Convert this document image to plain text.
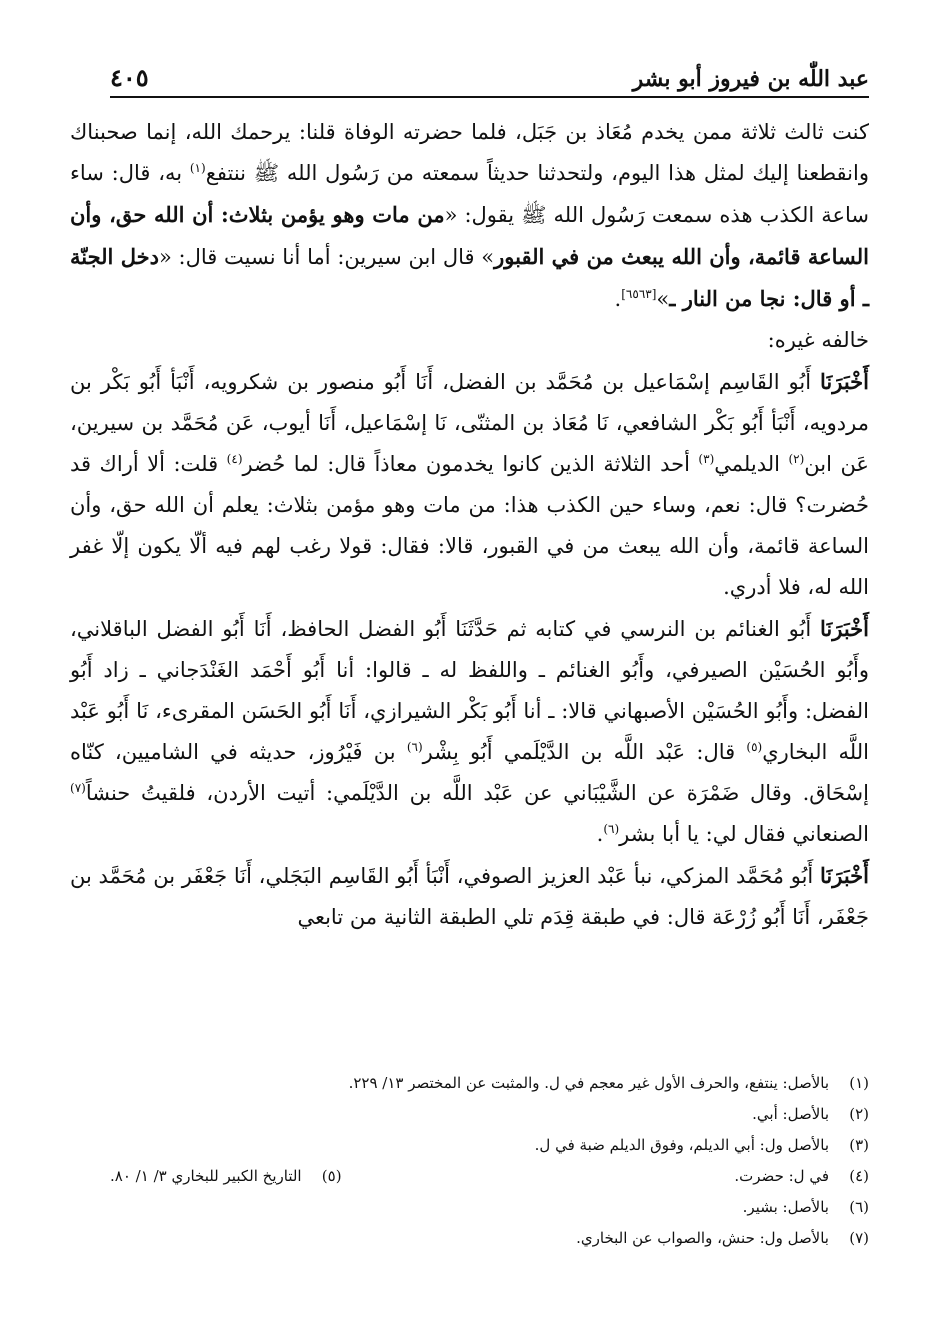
عبد اللّٰه بن فيروز أبو بشر
٤٠٥

كنت ثالث ثلاثة ممن يخدم مُعَاذ بن جَبَل، فلما حضرته الوفاة قلنا: يرحمك الله، إنما صحبناك وانقطعنا إليك لمثل هذا اليوم، ولتحدثنا حديثاً سمعته من رَسُول الله ﷺ ننتفع$^{(١)}$ به، قال: ساء ساعة الكذب هذه سمعت رَسُول الله ﷺ يقول: «من مات وهو يؤمن بثلاث: أن الله حق، وأن الساعة قائمة، وأن الله يبعث من في القبور» قال ابن سيرين: أما أنا نسيت قال: «دخل الجنّة ـ أو قال: نجا من النار ـ»[٦٥٦٣].

خالفه غيره:

أَخْبَرَنَا أَبُو القَاسِم إسْمَاعيل بن مُحَمَّد بن الفضل، أَنَا أَبُو منصور بن شكرويه، أَنْبَأ أَبُو بَكْر بن مردويه، أَنْبَأ أَبُو بَكْر الشافعي، نَا مُعَاذ بن المثنّى، نَا إسْمَاعيل، أَنَا أيوب، عَن مُحَمَّد بن سيرين، عَن ابن$^{(٢)}$ الديلمي$^{(٣)}$ أحد الثلاثة الذين كانوا يخدمون معاذاً قال: لما حُضر$^{(٤)}$ قلت: ألا أراك قد حُضرت؟ قال: نعم، وساء حين الكذب هذا: من مات وهو مؤمن بثلاث: يعلم أن الله حق، وأن الساعة قائمة، وأن الله يبعث من في القبور، قالا: فقال: قولا رغب لهم فيه ألّا يكون إلّا غفر الله له، فلا أدري.

أَخْبَرَنَا أَبُو الغنائم بن النرسي في كتابه ثم حَدَّثَنَا أَبُو الفضل الحافظ، أَنَا أَبُو الفضل الباقلاني، وأَبُو الحُسَيْن الصيرفي، وأَبُو الغنائم ـ واللفظ له ـ قالوا: أنا أَبُو أَحْمَد الغَنْدَجاني ـ زاد أَبُو الفضل: وأَبُو الحُسَيْن الأصبهاني قالا: ـ أنا أَبُو بَكْر الشيرازي، أَنَا أَبُو الحَسَن المقرىء، نَا أَبُو عَبْد اللَّه البخاري$^{(٥)}$ قال: عَبْد اللَّه بن الدَّيْلَمي أَبُو بِشْر$^{(٦)}$ بن فَيْرُوز، حديثه في الشاميين، كنّاه إسْحَاق. وقال ضَمْرَة عن الشَّيْبَاني عن عَبْد اللَّه بن الدَّيْلَمي: أتيت الأردن، فلقيتُ حنشاً$^{(٧)}$ الصنعاني فقال لي: يا أبا بشر$^{(٦)}$.

أَخْبَرَنَا أَبُو مُحَمَّد المزكي، نبأ عَبْد العزيز الصوفي، أَنْبَأ أَبُو القَاسِم البَجَلي، أَنَا جَعْفَر بن مُحَمَّد بن جَعْفَر، أَنَا أَبُو زُرْعَة قال: في طبقة قِدَم تلي الطبقة الثانية من تابعي

(١)
بالأصل: ينتفع، والحرف الأول غير معجم في ل. والمثبت عن المختصر ١٣/ ٢٢٩.
(٢)
بالأصل: أبي.
(٣)
بالأصل ول: أبي الديلم، وفوق الديلم ضبة في ل.
(٤)
في ل: حضرت.
(٥)
التاريخ الكبير للبخاري ٣/ ١/ ٨٠.
(٦)
بالأصل: بشير.
(٧)
بالأصل ول: حنش، والصواب عن البخاري.
